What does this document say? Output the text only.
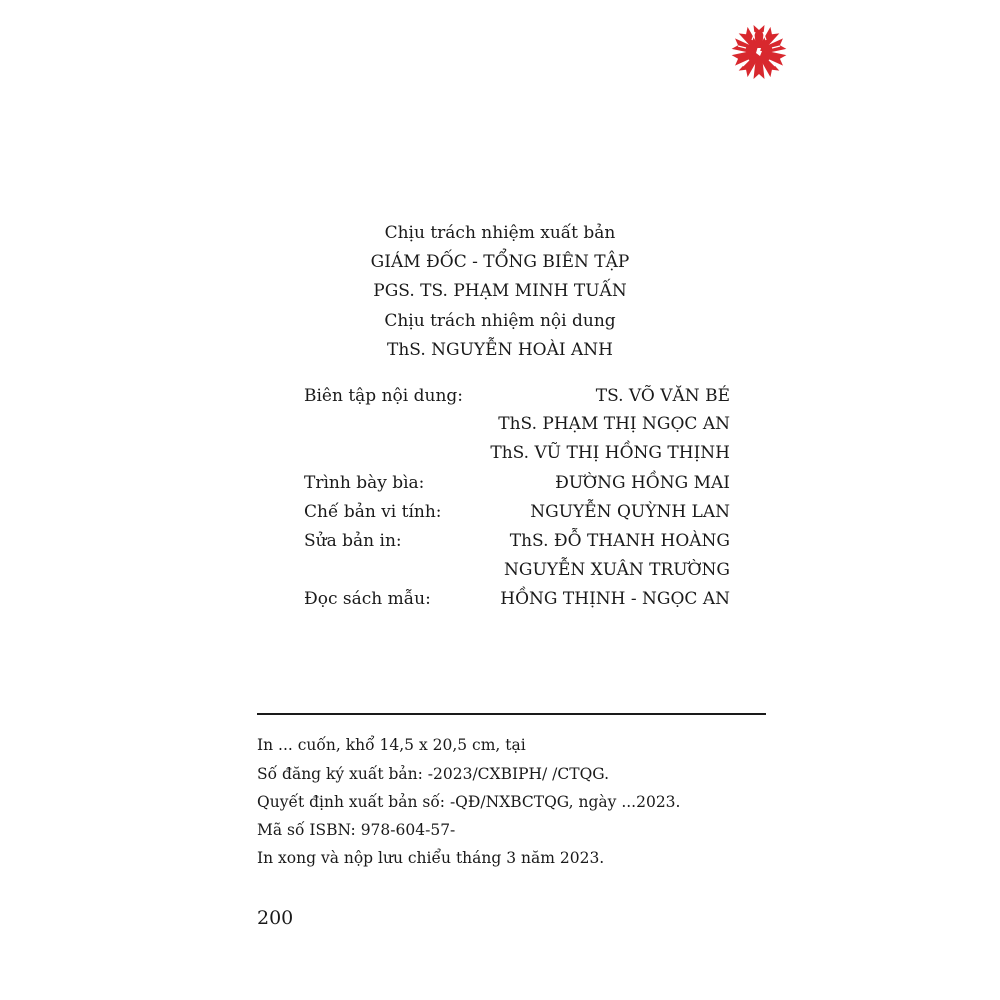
Chịu trách nhiệm xuất bản
GIÁM ĐỐC - TỔNG BIÊN TẬP
PGS. TS. PHẠM MINH TUẤN
Chịu trách nhiệm nội dung
ThS. NGUYỄN HOÀI ANH
Biên tập nội dung:	TS. VÕ VĂN BÉ
ThS. PHẠM THỊ NGỌC AN
ThS. VŨ THỊ HỒNG THỊNH
Trình bày bìa:	ĐƯỜNG HỒNG MAI
Chế bản vi tính:	NGUYỄN QUỲNH LAN
Sửa bản in:	ThS. ĐỖ THANH HOÀNG
NGUYỄN XUÂN TRƯỜNG
Đọc sách mẫu:	HỒNG THỊNH - NGỌC AN
In ... cuốn, khổ 14,5 x 20,5 cm, tại
Số đăng ký xuất bản: -2023/CXBIPH/ /CTQG.
Quyết định xuất bản số: -QĐ/NXBCTQG, ngày ...2023.
Mã số ISBN: 978-604-57-
In xong và nộp lưu chiểu tháng 3 năm 2023.
200
